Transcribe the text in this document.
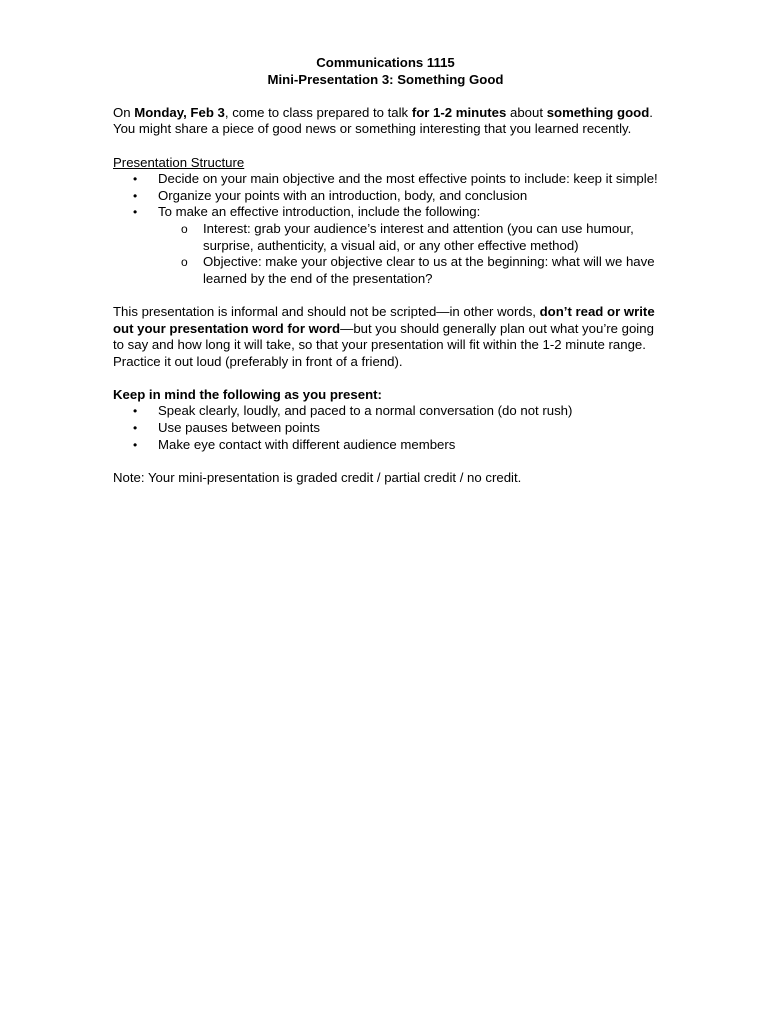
Communications 1115
Mini-Presentation 3: Something Good

On Monday, Feb 3, come to class prepared to talk for 1-2 minutes about something good. You might share a piece of good news or something interesting that you learned recently.

Presentation Structure
• Decide on your main objective and the most effective points to include: keep it simple!
• Organize your points with an introduction, body, and conclusion
• To make an effective introduction, include the following:
o Interest: grab your audience’s interest and attention (you can use humour, surprise, authenticity, a visual aid, or any other effective method)
o Objective: make your objective clear to us at the beginning: what will we have learned by the end of the presentation?

This presentation is informal and should not be scripted—in other words, don’t read or write out your presentation word for word—but you should generally plan out what you’re going to say and how long it will take, so that your presentation will fit within the 1-2 minute range. Practice it out loud (preferably in front of a friend).

Keep in mind the following as you present:
• Speak clearly, loudly, and paced to a normal conversation (do not rush)
• Use pauses between points
• Make eye contact with different audience members

Note: Your mini-presentation is graded credit / partial credit / no credit.
